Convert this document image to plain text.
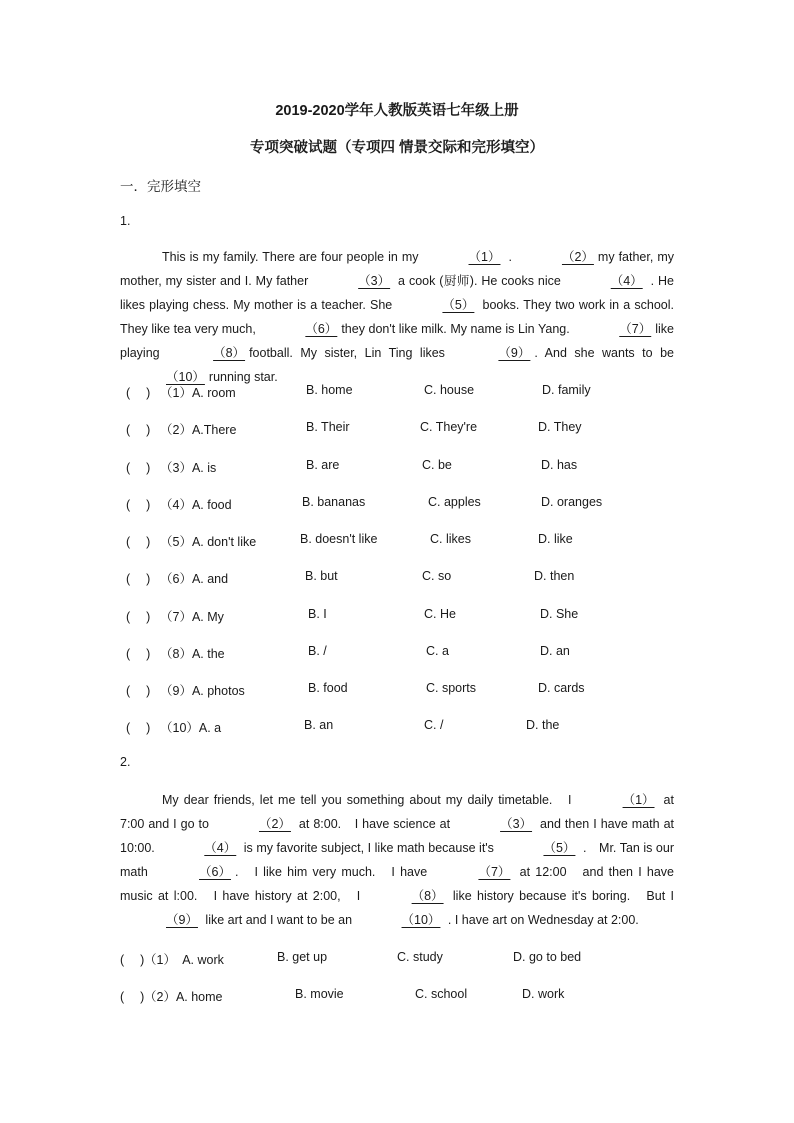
2019-2020学年人教版英语七年级上册
专项突破试题（专项四 情景交际和完形填空）
一．完形填空
1.

This is my family. There are four people in my	（1） .	（2） my father, my mother, my sister and I. My father	（3） a cook (厨师). He cooks nice	（4） . He likes playing chess. My mother is a teacher. She	（5） books. They two work in a school. They like tea very much,	（6） they don't like milk. My name is Lin Yang.	（7） like playing	（8） football. My sister, Lin Ting likes	（9） . And she wants to be （10） running star.

(　 ) （1）A. room	B. home	C. house	D. family
(　 ) （2）A.There	B. Their	C. They're	D. They
(　 ) （3）A. is	B. are	C. be	D. has
(　 ) （4）A. food	B. bananas	C. apples	D. oranges
(　 ) （5）A. don't like	B. doesn't like	C. likes	D. like
(　 ) （6）A. and	B. but	C. so	D. then
(　 ) （7）A. My	B. I	C. He	D. She
(　 ) （8）A. the	B. /	C. a	D. an
(　 ) （9）A. photos	B. food	C. sports	D. cards
(　 ) （10）A. a	B. an	C. /	D. the
2.

My dear friends, let me tell you something about my daily timetable.　I	（1） at 7:00 and I go to	（2） at 8:00.　I have science at	（3） and then I have math at 10:00.	（4） is my favorite subject, I like math because it's	（5） .　Mr. Tan is our math	（6） .　I like him very much.　I have	（7） at 12:00　and then I have music at l:00.　I have history at 2:00,　I	（8） like history because it's boring.　But I （9） like art and I want to be an	（10） . I have art on Wednesday at 2:00.

(　 ) （1）　A. work	B. get up	C. study	D. go to bed
(　 ) （2）A. home	B. movie	C. school	D. work
